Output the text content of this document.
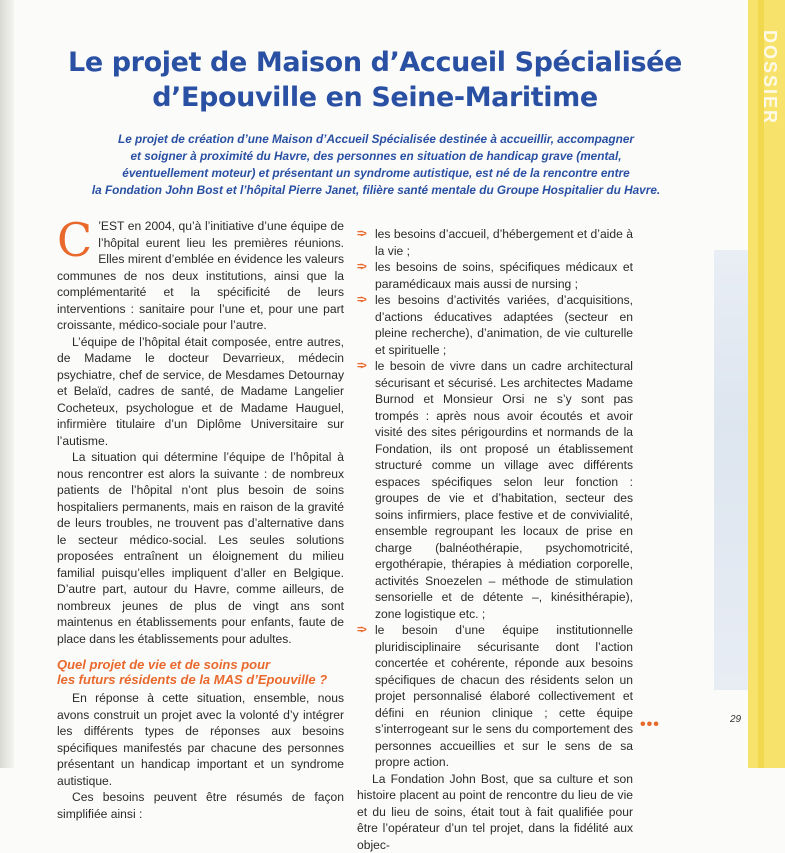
DOSSIER
Le projet de Maison d’Accueil Spécialisée
d’Epouville en Seine-Maritime
Le projet de création d’une Maison d’Accueil Spécialisée destinée à accueillir, accompagner
et soigner à proximité du Havre, des personnes en situation de handicap grave (mental,
éventuellement moteur) et présentant un syndrome autistique, est né de la rencontre entre
la Fondation John Bost et l’hôpital Pierre Janet, filière santé mentale du Groupe Hospitalier du Havre.

C ’EST en 2004, qu’à l’initiative d’une équipe de l’hôpital eurent lieu les premières réunions. Elles mirent d’emblée en évidence les valeurs communes de nos deux institutions, ainsi que la complémentarité et la spécificité de leurs interventions : sanitaire pour l’une et, pour une part croissante, médico-sociale pour l’autre.

L’équipe de l’hôpital était composée, entre autres, de Madame le docteur Devarrieux, médecin psychiatre, chef de service, de Mesdames Detournay et Belaïd, cadres de santé, de Madame Langelier Cocheteux, psychologue et de Madame Hauguel, infirmière titulaire d’un Diplôme Universitaire sur l’autisme.

La situation qui détermine l’équipe de l’hôpital à nous rencontrer est alors la suivante : de nombreux patients de l’hôpital n’ont plus besoin de soins hospitaliers permanents, mais en raison de la gravité de leurs troubles, ne trouvent pas d’alternative dans le secteur médico-social. Les seules solutions proposées entraînent un éloignement du milieu familial puisqu’elles impliquent d’aller en Belgique. D’autre part, autour du Havre, comme ailleurs, de nombreux jeunes de plus de vingt ans sont maintenus en établissements pour enfants, faute de place dans les établissements pour adultes.

Quel projet de vie et de soins pour
les futurs résidents de la MAS d’Epouville ?

En réponse à cette situation, ensemble, nous avons construit un projet avec la volonté d’y intégrer les différents types de réponses aux besoins spécifiques manifestés par chacune des personnes présentant un handicap important et un syndrome autistique.

Ces besoins peuvent être résumés de façon simplifiée ainsi :

=> les besoins d’accueil, d’hébergement et d’aide à la vie ;
=> les besoins de soins, spécifiques médicaux et paramédicaux mais aussi de nursing ;
=> les besoins d’activités variées, d’acquisitions, d’actions éducatives adaptées (secteur en pleine recherche), d’animation, de vie culturelle et spirituelle ;
=> le besoin de vivre dans un cadre architectural sécurisant et sécurisé. Les architectes Madame Burnod et Monsieur Orsi ne s’y sont pas trompés : après nous avoir écoutés et avoir visité des sites périgourdins et normands de la Fondation, ils ont proposé un établissement structuré comme un village avec différents espaces spécifiques selon leur fonction : groupes de vie et d’habitation, secteur des soins infirmiers, place festive et de convivialité, ensemble regroupant les locaux de prise en charge (balnéothérapie, psychomotricité, ergothérapie, thérapies à médiation corporelle, activités Snoezelen – méthode de stimulation sensorielle et de détente –, kinésithérapie), zone logistique etc. ;
=> le besoin d’une équipe institutionnelle pluridisciplinaire sécurisante dont l’action concertée et cohérente, réponde aux besoins spécifiques de chacun des résidents selon un projet personnalisé élaboré collectivement et défini en réunion clinique ; cette équipe s’interrogeant sur le sens du comportement des personnes accueillies et sur le sens de sa propre action.

La Fondation John Bost, que sa culture et son histoire placent au point de rencontre du lieu de vie et du lieu de soins, était tout à fait qualifiée pour être l’opérateur d’un tel projet, dans la fidélité aux objec-

•••	29
